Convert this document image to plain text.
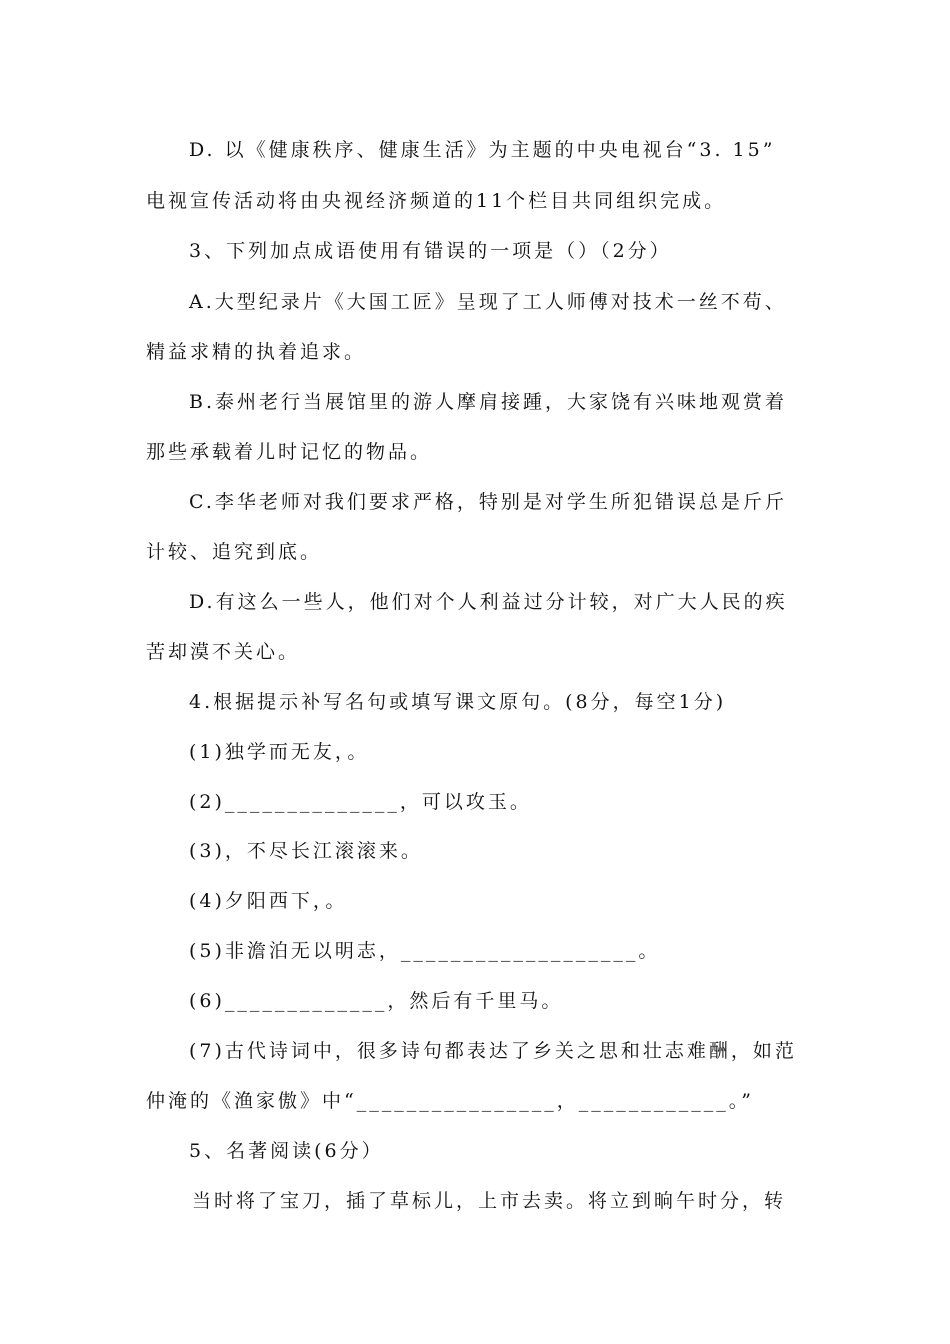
D. 以《健康秩序、健康生活》为主题的中央电视台“3. 15”
电视宣传活动将由央视经济频道的11个栏目共同组织完成。
3、下列加点成语使用有错误的一项是（）（2分）
A.大型纪录片《大国工匠》呈现了工人师傅对技术一丝不苟、
精益求精的执着追求。
B.泰州老行当展馆里的游人摩肩接踵，大家饶有兴味地观赏着
那些承载着儿时记忆的物品。
C.李华老师对我们要求严格，特别是对学生所犯错误总是斤斤
计较、追究到底。
D.有这么一些人，他们对个人利益过分计较，对广大人民的疾
苦却漠不关心。
4.根据提示补写名句或填写课文原句。(8分，每空1分)
(1)独学而无友，。
(2)______________，可以攻玉。
(3)，不尽长江滚滚来。
(4)夕阳西下，。
(5)非澹泊无以明志，___________________。
(6)_____________，然后有千里马。
(7)古代诗词中，很多诗句都表达了乡关之思和壮志难酬，如范
仲淹的《渔家傲》中“________________，____________。”
5、名著阅读(6分）
当时将了宝刀，插了草标儿，上市去卖。将立到晌午时分，转
